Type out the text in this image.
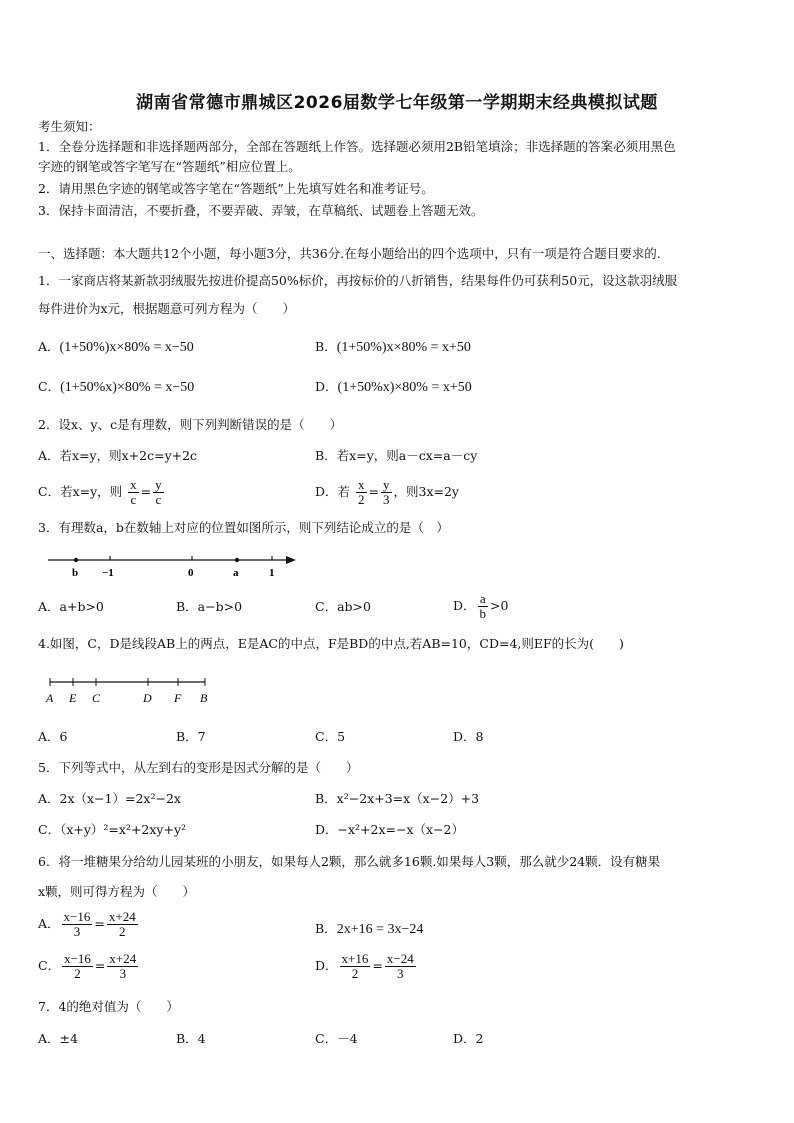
湖南省常德市鼎城区2026届数学七年级第一学期期末经典模拟试题
考生须知：
1．全卷分选择题和非选择题两部分，全部在答题纸上作答。选择题必须用2B铅笔填涂；非选择题的答案必须用黑色
字迹的钢笔或答字笔写在“答题纸”相应位置上。
2．请用黑色字迹的钢笔或答字笔在“答题纸”上先填写姓名和准考证号。
3．保持卡面清洁，不要折叠，不要弄破、弄皱，在草稿纸、试题卷上答题无效。
一、选择题：本大题共12个小题，每小题3分，共36分.在每小题给出的四个选项中，只有一项是符合题目要求的.
1．一家商店将某新款羽绒服先按进价提高50%标价，再按标价的八折销售，结果每件仍可获利50元，设这款羽绒服
每件进价为x元，根据题意可列方程为（　　）
A．(1+50%)x×80% = x−50	B．(1+50%)x×80% = x+50
C．(1+50%x)×80% = x−50	D．(1+50%x)×80% = x+50
2．设x、y、c是有理数，则下列判断错误的是（　　）
A．若x=y，则x+2c=y+2c	B．若x=y，则a－cx=a－cy
C．若x=y，则 $\frac{x}{c} = \frac{y}{c}$	D．若 $\frac{x}{2} = \frac{y}{3}$ ，则3x=2y
3．有理数a，b在数轴上对应的位置如图所示，则下列结论成立的是（　）
b −1	0	a	1
A．a+b>0	B．a−b>0	C．ab>0	D． $\frac{a}{b} >0$
4.如图，C，D是线段AB上的两点，E是AC的中点，F是BD的中点,若AB=10，CD=4,则EF的长为(　　)
A E C	D F B
A．6	B．7	C．5	D．8
5．下列等式中，从左到右的变形是因式分解的是（　　）
A．2x（x−1）=2x²−2x	B．x²−2x+3=x（x−2）+3
C．（x+y）²=x²+2xy+y²	D．−x²+2x=−x（x−2）
6．将一堆糖果分给幼儿园某班的小朋友，如果每人2颗，那么就多16颗.如果每人3颗，那么就少24颗．设有糖果
x颗，则可得方程为（　　）
A． $\frac{x-16}{3} = \frac{x+24}{2}$	B．2x+16 = 3x−24
C． $\frac{x-16}{2} = \frac{x+24}{3}$	D． $\frac{x+16}{2} = \frac{x-24}{3}$
7．4的绝对值为（　　）
A．±4	B．4	C．－4	D．2
